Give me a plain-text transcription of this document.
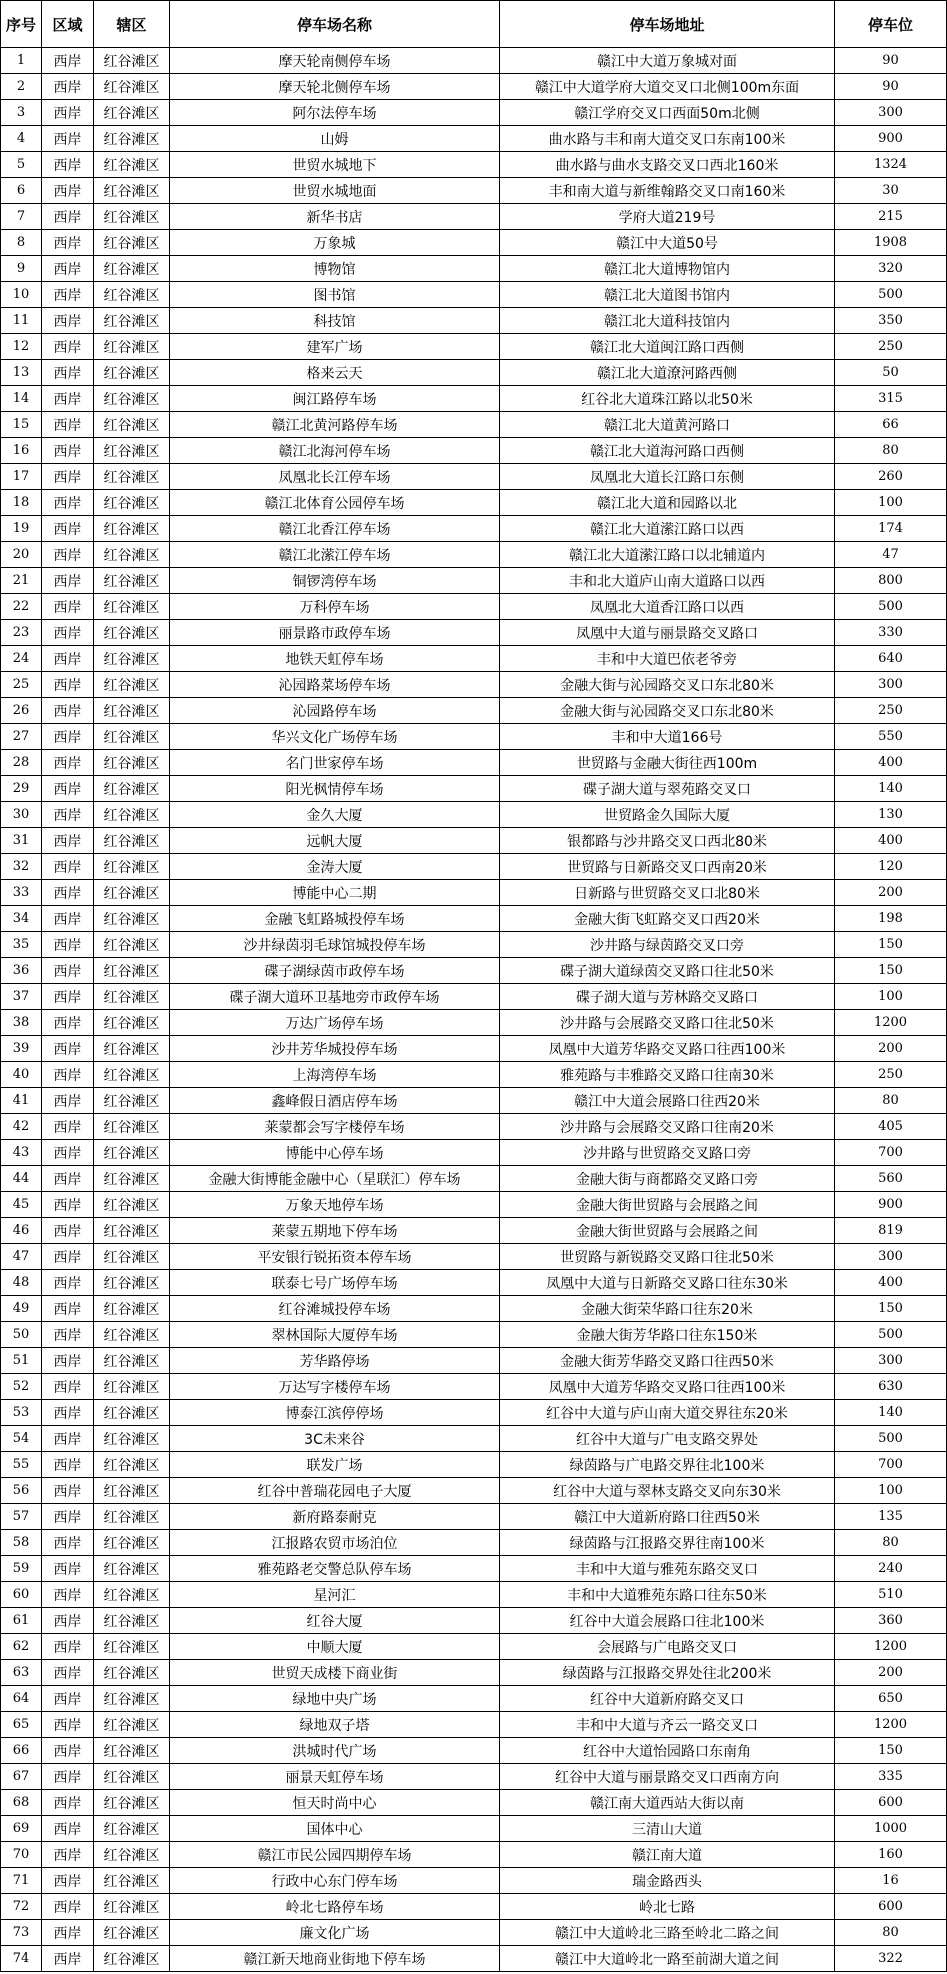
序号	区域	辖区	停车场名称	停车场地址	停车位
1	西岸	红谷滩区	摩天轮南侧停车场	赣江中大道万象城对面	90
2	西岸	红谷滩区	摩天轮北侧停车场	赣江中大道学府大道交叉口北侧100m东面	90
3	西岸	红谷滩区	阿尔法停车场	赣江学府交叉口西面50m北侧	300
4	西岸	红谷滩区	山姆	曲水路与丰和南大道交叉口东南100米	900
5	西岸	红谷滩区	世贸水城地下	曲水路与曲水支路交叉口西北160米	1324
6	西岸	红谷滩区	世贸水城地面	丰和南大道与新维翰路交叉口南160米	30
7	西岸	红谷滩区	新华书店	学府大道219号	215
8	西岸	红谷滩区	万象城	赣江中大道50号	1908
9	西岸	红谷滩区	博物馆	赣江北大道博物馆内	320
10	西岸	红谷滩区	图书馆	赣江北大道图书馆内	500
11	西岸	红谷滩区	科技馆	赣江北大道科技馆内	350
12	西岸	红谷滩区	建军广场	赣江北大道闽江路口西侧	250
13	西岸	红谷滩区	格来云天	赣江北大道潦河路西侧	50
14	西岸	红谷滩区	闽江路停车场	红谷北大道珠江路以北50米	315
15	西岸	红谷滩区	赣江北黄河路停车场	赣江北大道黄河路口	66
16	西岸	红谷滩区	赣江北海河停车场	赣江北大道海河路口西侧	80
17	西岸	红谷滩区	凤凰北长江停车场	凤凰北大道长江路口东侧	260
18	西岸	红谷滩区	赣江北体育公园停车场	赣江北大道和园路以北	100
19	西岸	红谷滩区	赣江北香江停车场	赣江北大道潆江路口以西	174
20	西岸	红谷滩区	赣江北潆江停车场	赣江北大道潆江路口以北辅道内	47
21	西岸	红谷滩区	铜锣湾停车场	丰和北大道庐山南大道路口以西	800
22	西岸	红谷滩区	万科停车场	凤凰北大道香江路口以西	500
23	西岸	红谷滩区	丽景路市政停车场	凤凰中大道与丽景路交叉路口	330
24	西岸	红谷滩区	地铁天虹停车场	丰和中大道巴依老爷旁	640
25	西岸	红谷滩区	沁园路菜场停车场	金融大街与沁园路交叉口东北80米	300
26	西岸	红谷滩区	沁园路停车场	金融大街与沁园路交叉口东北80米	250
27	西岸	红谷滩区	华兴文化广场停车场	丰和中大道166号	550
28	西岸	红谷滩区	名门世家停车场	世贸路与金融大街往西100m	400
29	西岸	红谷滩区	阳光枫情停车场	碟子湖大道与翠苑路交叉口	140
30	西岸	红谷滩区	金久大厦	世贸路金久国际大厦	130
31	西岸	红谷滩区	远帆大厦	银都路与沙井路交叉口西北80米	400
32	西岸	红谷滩区	金涛大厦	世贸路与日新路交叉口西南20米	120
33	西岸	红谷滩区	博能中心二期	日新路与世贸路交叉口北80米	200
34	西岸	红谷滩区	金融飞虹路城投停车场	金融大街飞虹路交叉口西20米	198
35	西岸	红谷滩区	沙井绿茵羽毛球馆城投停车场	沙井路与绿茵路交叉口旁	150
36	西岸	红谷滩区	碟子湖绿茵市政停车场	碟子湖大道绿茵交叉路口往北50米	150
37	西岸	红谷滩区	碟子湖大道环卫基地旁市政停车场	碟子湖大道与芳林路交叉路口	100
38	西岸	红谷滩区	万达广场停车场	沙井路与会展路交叉路口往北50米	1200
39	西岸	红谷滩区	沙井芳华城投停车场	凤凰中大道芳华路交叉路口往西100米	200
40	西岸	红谷滩区	上海湾停车场	雅苑路与丰雅路交叉路口往南30米	250
41	西岸	红谷滩区	鑫峰假日酒店停车场	赣江中大道会展路口往西20米	80
42	西岸	红谷滩区	莱蒙都会写字楼停车场	沙井路与会展路交叉路口往南20米	405
43	西岸	红谷滩区	博能中心停车场	沙井路与世贸路交叉路口旁	700
44	西岸	红谷滩区	金融大街博能金融中心（星联汇）停车场	金融大街与商都路交叉路口旁	560
45	西岸	红谷滩区	万象天地停车场	金融大街世贸路与会展路之间	900
46	西岸	红谷滩区	莱蒙五期地下停车场	金融大街世贸路与会展路之间	819
47	西岸	红谷滩区	平安银行锐拓资本停车场	世贸路与新锐路交叉路口往北50米	300
48	西岸	红谷滩区	联泰七号广场停车场	凤凰中大道与日新路交叉路口往东30米	400
49	西岸	红谷滩区	红谷滩城投停车场	金融大街荣华路口往东20米	150
50	西岸	红谷滩区	翠林国际大厦停车场	金融大街芳华路口往东150米	500
51	西岸	红谷滩区	芳华路停场	金融大街芳华路交叉路口往西50米	300
52	西岸	红谷滩区	万达写字楼停车场	凤凰中大道芳华路交叉路口往西100米	630
53	西岸	红谷滩区	博泰江滨停停场	红谷中大道与庐山南大道交界往东20米	140
54	西岸	红谷滩区	3C未来谷	红谷中大道与广电支路交界处	500
55	西岸	红谷滩区	联发广场	绿茵路与广电路交界往北100米	700
56	西岸	红谷滩区	红谷中普瑞花园电子大厦	红谷中大道与翠林支路交叉向东30米	100
57	西岸	红谷滩区	新府路泰耐克	赣江中大道新府路口往西50米	135
58	西岸	红谷滩区	江报路农贸市场泊位	绿茵路与江报路交界往南100米	80
59	西岸	红谷滩区	雅苑路老交警总队停车场	丰和中大道与雅苑东路交叉口	240
60	西岸	红谷滩区	星河汇	丰和中大道雅苑东路口往东50米	510
61	西岸	红谷滩区	红谷大厦	红谷中大道会展路口往北100米	360
62	西岸	红谷滩区	中顺大厦	会展路与广电路交叉口	1200
63	西岸	红谷滩区	世贸天成楼下商业街	绿茵路与江报路交界处往北200米	200
64	西岸	红谷滩区	绿地中央广场	红谷中大道新府路交叉口	650
65	西岸	红谷滩区	绿地双子塔	丰和中大道与齐云一路交叉口	1200
66	西岸	红谷滩区	洪城时代广场	红谷中大道怡园路口东南角	150
67	西岸	红谷滩区	丽景天虹停车场	红谷中大道与丽景路交叉口西南方向	335
68	西岸	红谷滩区	恒天时尚中心	赣江南大道西站大街以南	600
69	西岸	红谷滩区	国体中心	三清山大道	1000
70	西岸	红谷滩区	赣江市民公园四期停车场	赣江南大道	160
71	西岸	红谷滩区	行政中心东门停车场	瑞金路西头	16
72	西岸	红谷滩区	岭北七路停车场	岭北七路	600
73	西岸	红谷滩区	廉文化广场	赣江中大道岭北三路至岭北二路之间	80
74	西岸	红谷滩区	赣江新天地商业街地下停车场	赣江中大道岭北一路至前湖大道之间	322
